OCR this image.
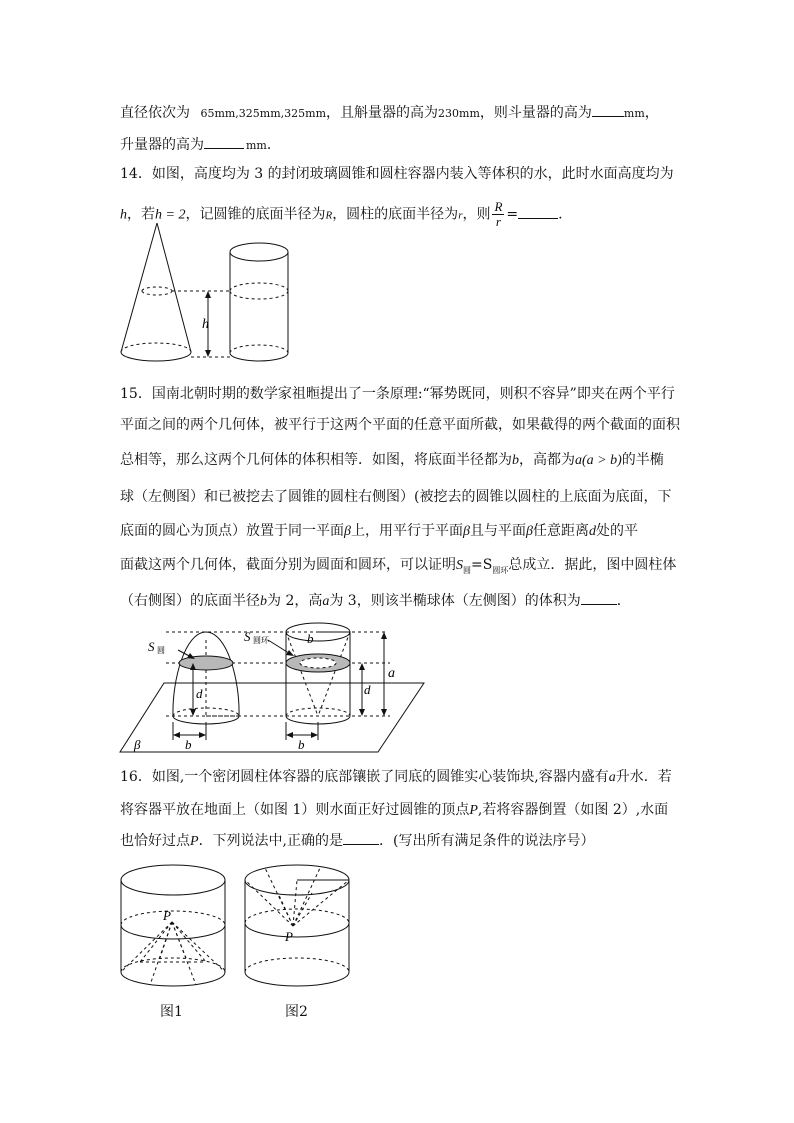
直径依次为 65mm,325mm,325mm，且斛量器的高为230mm，则斗量器的高为	mm，
升量器的高为	mm．
14．如图，高度均为 3 的封闭玻璃圆锥和圆柱容器内装入等体积的水，此时水面高度均为
h，若h = 2，记圆锥的底面半径为R，圆柱的底面半径为r，则 $\frac{R}{r}$ =	.
h
15．国南北朝时期的数学家祖暅提出了一条原理:“幂势既同，则积不容异”即夹在两个平行
平面之间的两个几何体，被平行于这两个平面的任意平面所截，如果截得的两个截面的面积
总相等，那么这两个几何体的体积相等．如图，将底面半径都为b，高都为a(a > b)的半椭
球（左侧图）和已被挖去了圆锥的圆柱右侧图）(被挖去的圆锥以圆柱的上底面为底面，下
底面的圆心为顶点）放置于同一平面β上，用平行于平面β且与平面β任意距离d处的平
面截这两个几何体，截面分别为圆面和圆环，可以证明$S_圆=S_{圆环}$总成立．据此，图中圆柱体
（右侧图）的底面半径b为 2，高a为 3，则该半椭球体（左侧图）的体积为	．
S 圆
S 圆环	b
d	d
a
b	b
β
16．如图,一个密闭圆柱体容器的底部镶嵌了同底的圆锥实心装饰块,容器内盛有a升水．若
将容器平放在地面上（如图 1）则水面正好过圆锥的顶点P,若将容器倒置（如图 2）,水面
也恰好过点P．下列说法中,正确的是	．(写出所有满足条件的说法序号）
P
P
图1	图2
